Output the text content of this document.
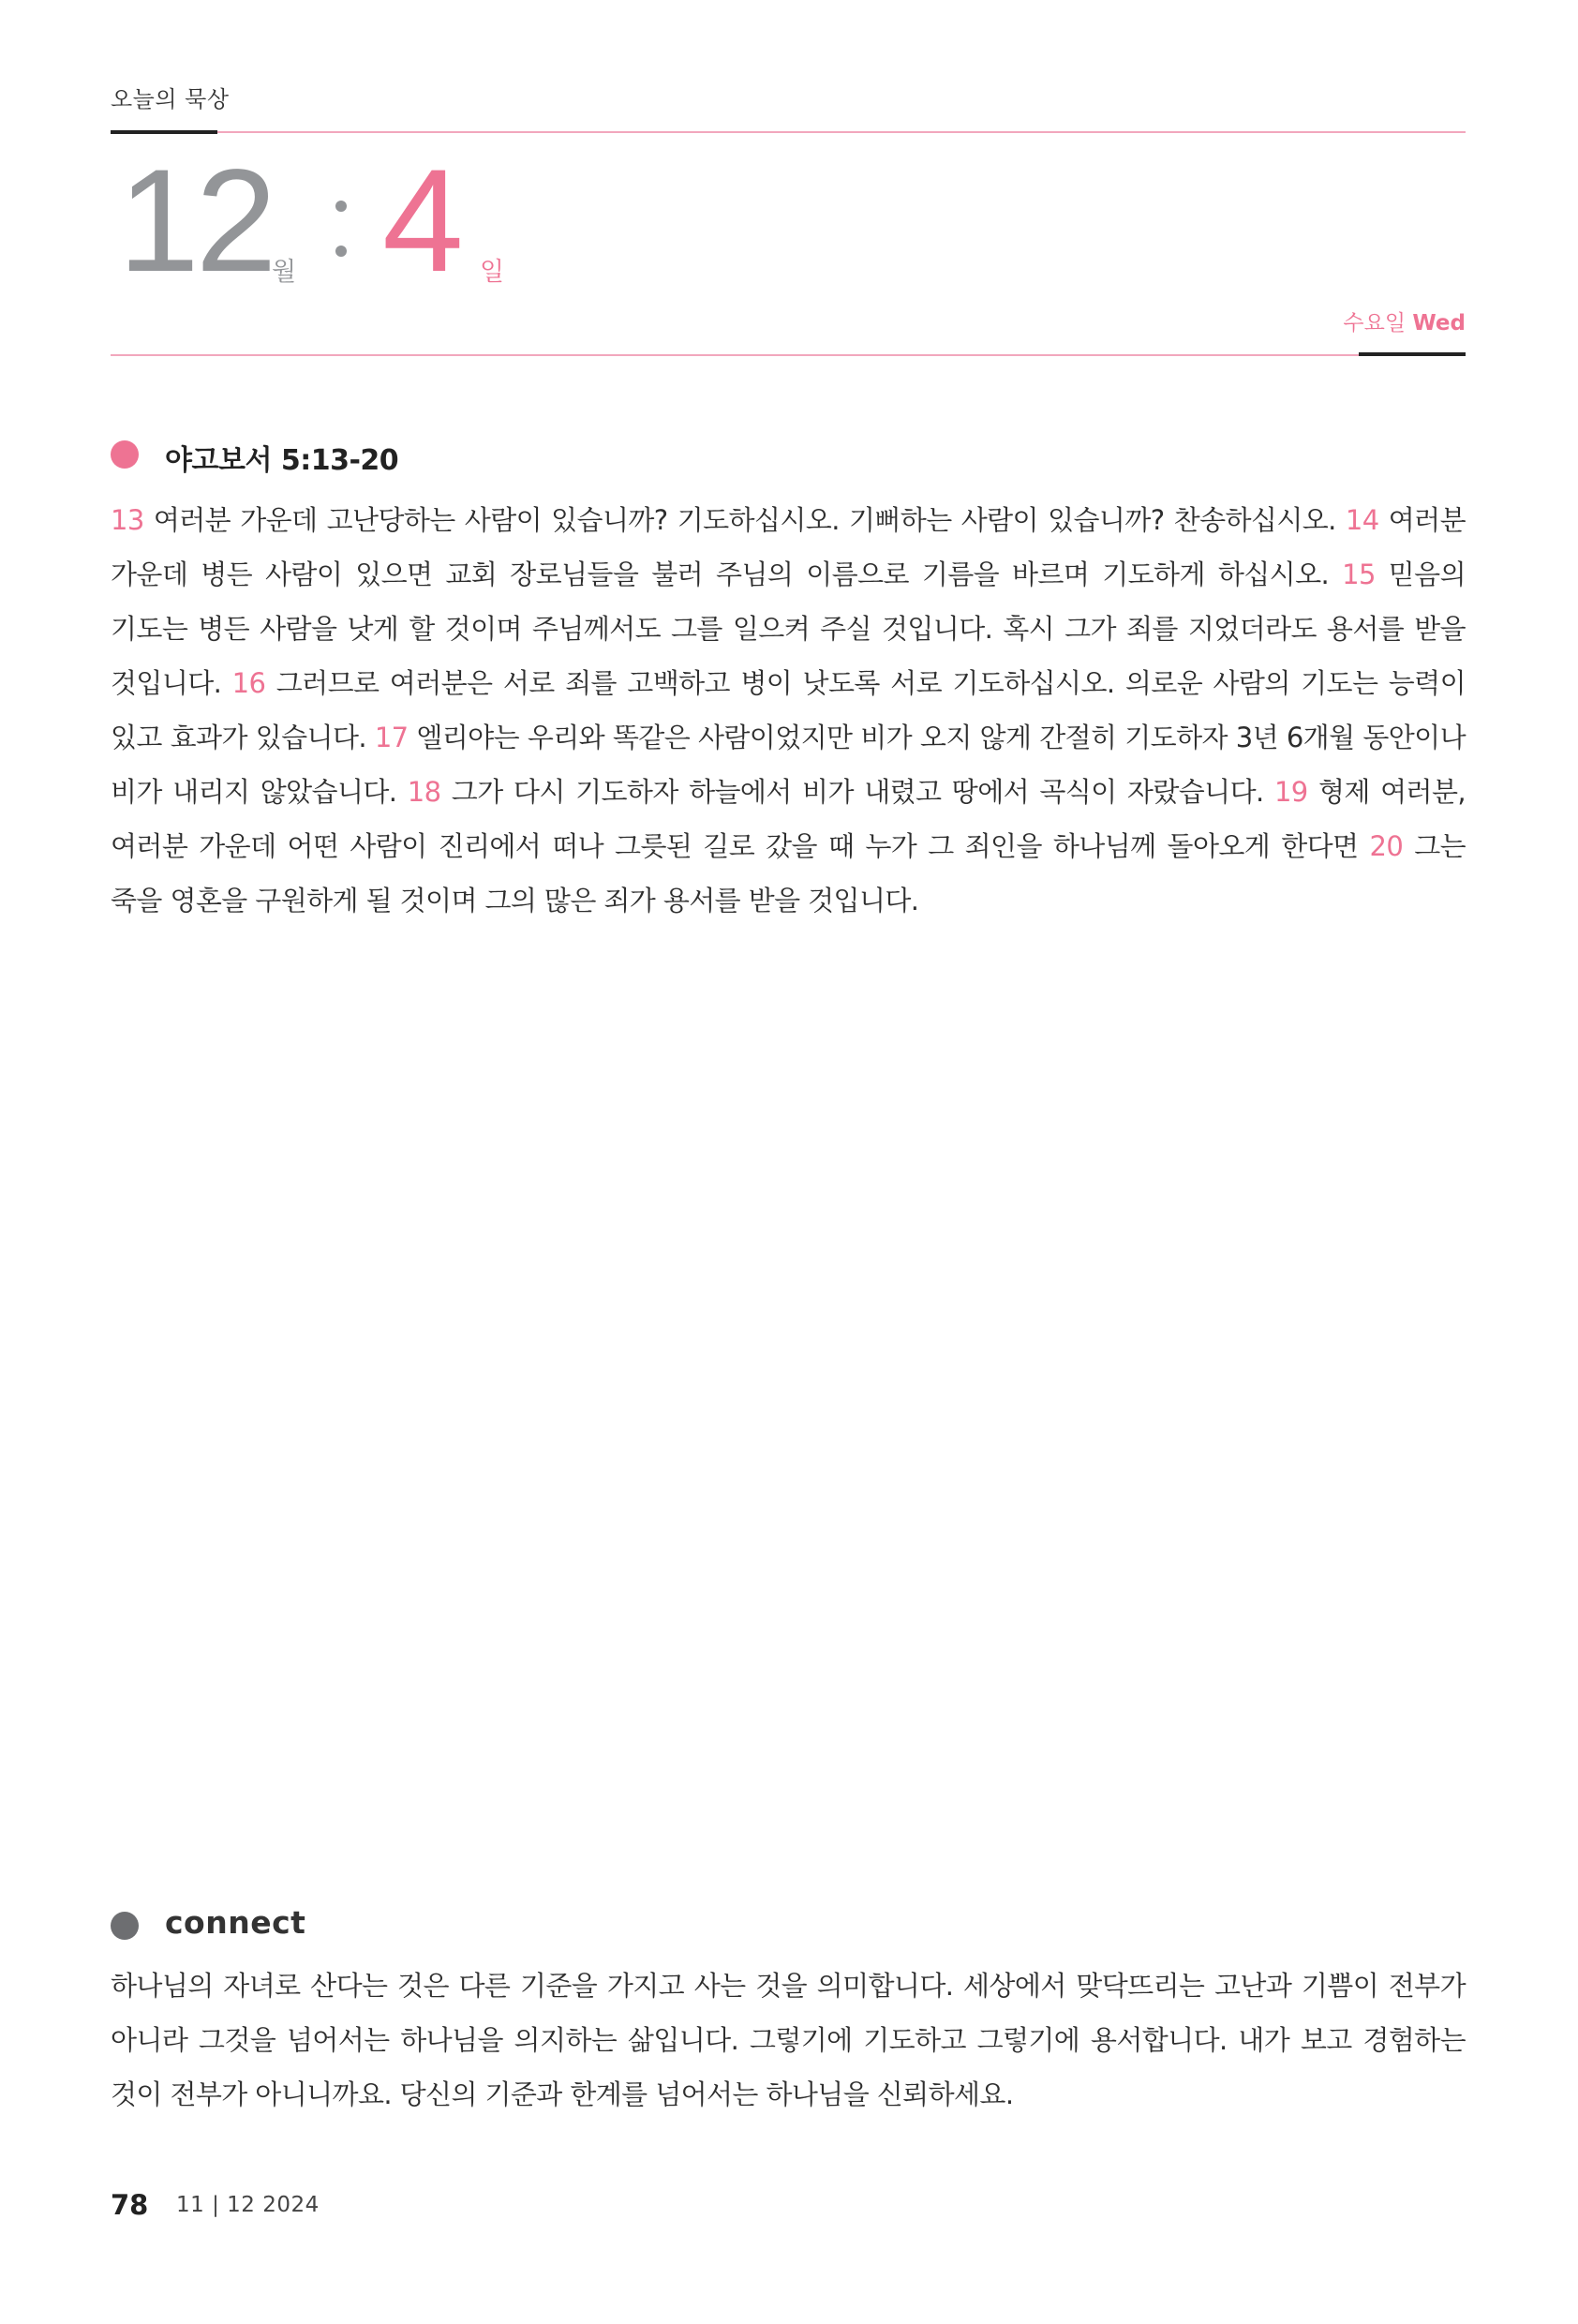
오늘의 묵상
12
월 4 일
수요일 Wed
야고보서 5:13-20
13 여러분 가운데 고난당하는 사람이 있습니까? 기도하십시오. 기뻐하는 사람이 있습니까? 찬송하십시오. 14 여러분 가운데 병든 사람이 있으면 교회 장로님들을 불러 주님의 이름으로 기름을 바르며 기도하게 하십시오. 15 믿음의 기도는 병든 사람을 낫게 할 것이며 주님께서도 그를 일으켜 주실 것입니다. 혹시 그가 죄를 지었더라도 용서를 받을 것입니다. 16 그러므로 여러분은 서로 죄를 고백하고 병이 낫도록 서로 기도하십시오. 의로운 사람의 기도는 능력이 있고 효과가 있습니다. 17 엘리야는 우리와 똑같은 사람이었지만 비가 오지 않게 간절히 기도하자 3년 6개월 동안이나 비가 내리지 않았습니다. 18 그가 다시 기도하자 하늘에서 비가 내렸고 땅에서 곡식이 자랐습니다. 19 형제 여러분, 여러분 가운데 어떤 사람이 진리에서 떠나 그릇된 길로 갔을 때 누가 그 죄인을 하나님께 돌아오게 한다면 20 그는 죽을 영혼을 구원하게 될 것이며 그의 많은 죄가 용서를 받을 것입니다.
connect
하나님의 자녀로 산다는 것은 다른 기준을 가지고 사는 것을 의미합니다. 세상에서 맞닥뜨리는 고난과 기쁨이 전부가 아니라 그것을 넘어서는 하나님을 의지하는 삶입니다. 그렇기에 기도하고 그렇기에 용서합니다. 내가 보고 경험하는 것이 전부가 아니니까요. 당신의 기준과 한계를 넘어서는 하나님을 신뢰하세요.
78 11 | 12 2024
